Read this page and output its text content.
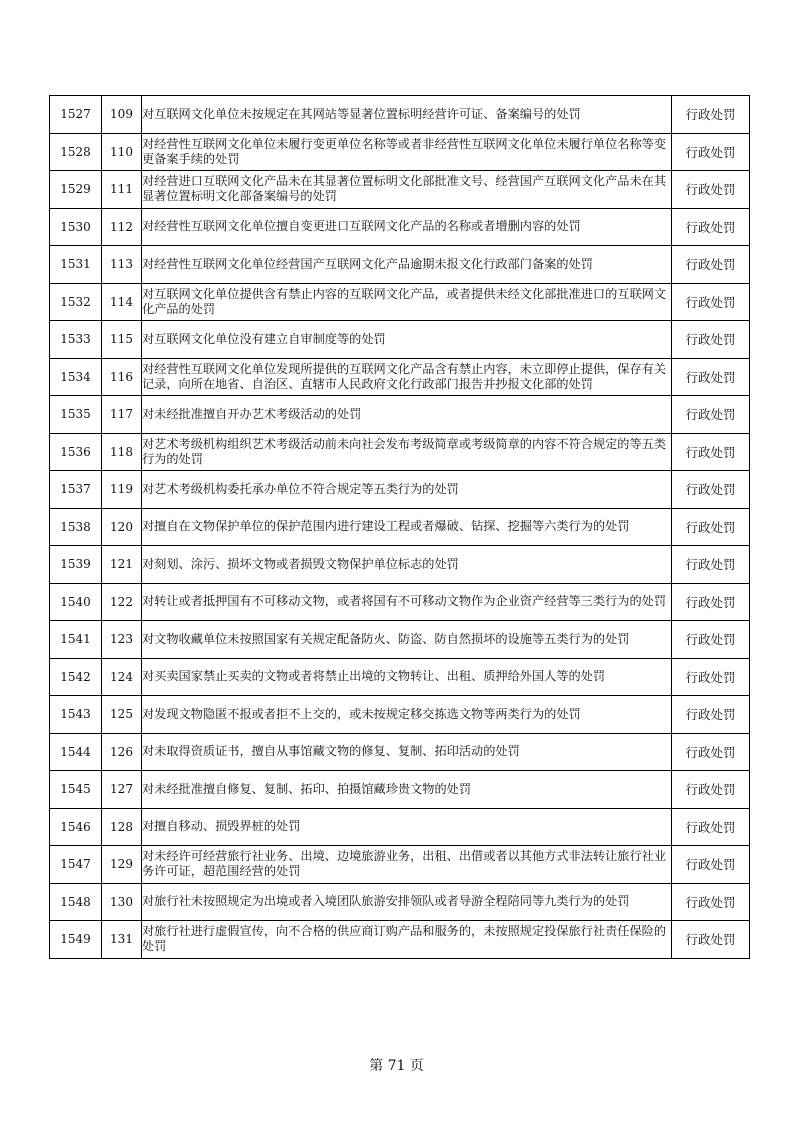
1527	109	对互联网文化单位未按规定在其网站等显著位置标明经营许可证、备案编号的处罚	行政处罚
1528	110	对经营性互联网文化单位未履行变更单位名称等或者非经营性互联网文化单位未履行单位名称等变更备案手续的处罚	行政处罚
1529	111	对经营进口互联网文化产品未在其显著位置标明文化部批准文号、经营国产互联网文化产品未在其显著位置标明文化部备案编号的处罚	行政处罚
1530	112	对经营性互联网文化单位擅自变更进口互联网文化产品的名称或者增删内容的处罚	行政处罚
1531	113	对经营性互联网文化单位经营国产互联网文化产品逾期未报文化行政部门备案的处罚	行政处罚
1532	114	对互联网文化单位提供含有禁止内容的互联网文化产品，或者提供未经文化部批准进口的互联网文化产品的处罚	行政处罚
1533	115	对互联网文化单位没有建立自审制度等的处罚	行政处罚
1534	116	对经营性互联网文化单位发现所提供的互联网文化产品含有禁止内容，未立即停止提供，保存有关记录，向所在地省、自治区、直辖市人民政府文化行政部门报告并抄报文化部的处罚	行政处罚
1535	117	对未经批准擅自开办艺术考级活动的处罚	行政处罚
1536	118	对艺术考级机构组织艺术考级活动前未向社会发布考级简章或考级简章的内容不符合规定的等五类行为的处罚	行政处罚
1537	119	对艺术考级机构委托承办单位不符合规定等五类行为的处罚	行政处罚
1538	120	对擅自在文物保护单位的保护范围内进行建设工程或者爆破、钻探、挖掘等六类行为的处罚	行政处罚
1539	121	对刻划、涂污、损坏文物或者损毁文物保护单位标志的处罚	行政处罚
1540	122	对转让或者抵押国有不可移动文物，或者将国有不可移动文物作为企业资产经营等三类行为的处罚	行政处罚
1541	123	对文物收藏单位未按照国家有关规定配备防火、防盗、防自然损坏的设施等五类行为的处罚	行政处罚
1542	124	对买卖国家禁止买卖的文物或者将禁止出境的文物转让、出租、质押给外国人等的处罚	行政处罚
1543	125	对发现文物隐匿不报或者拒不上交的，或未按规定移交拣选文物等两类行为的处罚	行政处罚
1544	126	对未取得资质证书，擅自从事馆藏文物的修复、复制、拓印活动的处罚	行政处罚
1545	127	对未经批准擅自修复、复制、拓印、拍摄馆藏珍贵文物的处罚	行政处罚
1546	128	对擅自移动、损毁界桩的处罚	行政处罚
1547	129	对未经许可经营旅行社业务、出境、边境旅游业务，出租、出借或者以其他方式非法转让旅行社业务许可证，超范围经营的处罚	行政处罚
1548	130	对旅行社未按照规定为出境或者入境团队旅游安排领队或者导游全程陪同等九类行为的处罚	行政处罚
1549	131	对旅行社进行虚假宣传，向不合格的供应商订购产品和服务的，未按照规定投保旅行社责任保险的处罚	行政处罚
第 71 页
